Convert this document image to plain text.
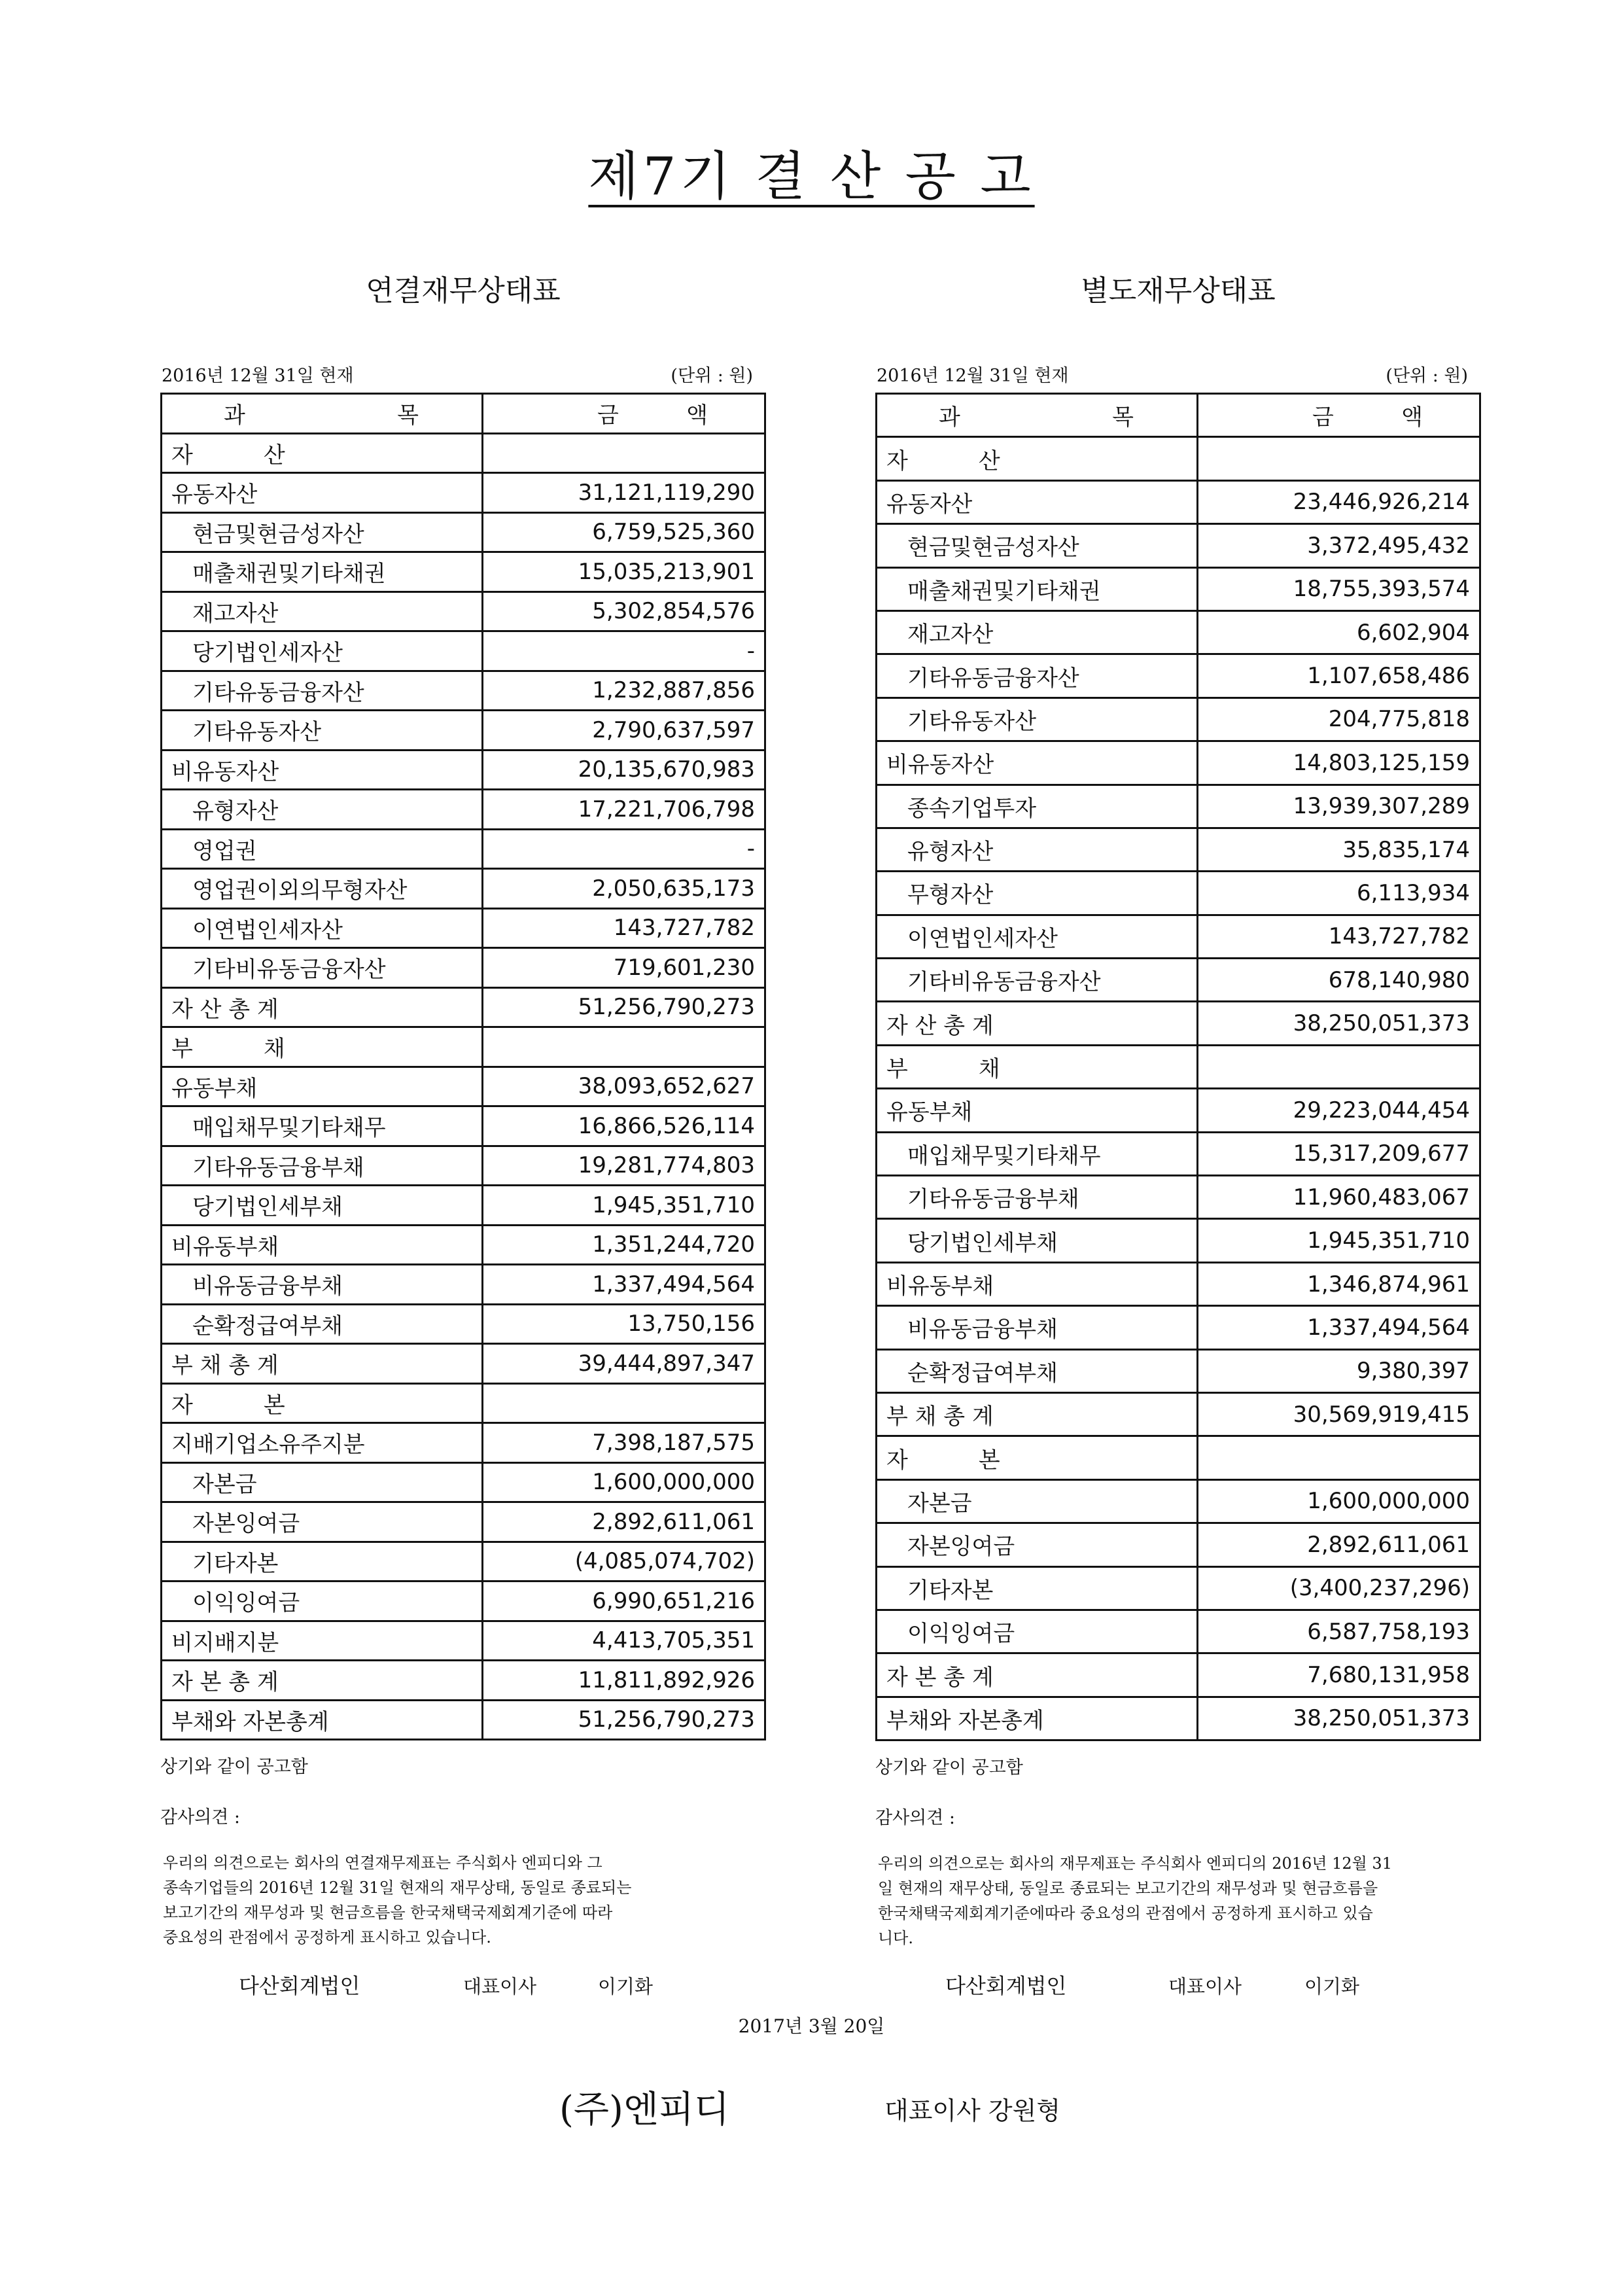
제7기 결 산 공 고
연결재무상태표
2016년 12월 31일 현재	(단위 : 원)
과 목	금 액

자          산	
유동자산	31,121,119,290
현금및현금성자산	6,759,525,360
매출채권및기타채권	15,035,213,901
재고자산	5,302,854,576
당기법인세자산	-
기타유동금융자산	1,232,887,856
기타유동자산	2,790,637,597
비유동자산	20,135,670,983
유형자산	17,221,706,798
영업권	-
영업권이외의무형자산	2,050,635,173
이연법인세자산	143,727,782
기타비유동금융자산	719,601,230
자 산 총 계	51,256,790,273
부          채	
유동부채	38,093,652,627
매입채무및기타채무	16,866,526,114
기타유동금융부채	19,281,774,803
당기법인세부채	1,945,351,710
비유동부채	1,351,244,720
비유동금융부채	1,337,494,564
순확정급여부채	13,750,156
부 채 총 계	39,444,897,347
자          본	
지배기업소유주지분	7,398,187,575
자본금	1,600,000,000
자본잉여금	2,892,611,061
기타자본	(4,085,074,702)
이익잉여금	6,990,651,216
비지배지분	4,413,705,351
자 본 총 계	11,811,892,926
부채와 자본총계	51,256,790,273
상기와 같이 공고함
감사의견 :
우리의 의견으로는 회사의 연결재무제표는 주식회사 엔피디와 그
종속기업들의 2016년 12월 31일 현재의 재무상태, 동일로 종료되는
보고기간의 재무성과 및 현금흐름을 한국채택국제회계기준에 따라
중요성의 관점에서 공정하게 표시하고 있습니다.
별도재무상태표
2016년 12월 31일 현재	(단위 : 원)
과 목	금 액

자          산	
유동자산	23,446,926,214
현금및현금성자산	3,372,495,432
매출채권및기타채권	18,755,393,574
재고자산	6,602,904
기타유동금융자산	1,107,658,486
기타유동자산	204,775,818
비유동자산	14,803,125,159
종속기업투자	13,939,307,289
유형자산	35,835,174
무형자산	6,113,934
이연법인세자산	143,727,782
기타비유동금융자산	678,140,980
자 산 총 계	38,250,051,373
부          채	
유동부채	29,223,044,454
매입채무및기타채무	15,317,209,677
기타유동금융부채	11,960,483,067
당기법인세부채	1,945,351,710
비유동부채	1,346,874,961
비유동금융부채	1,337,494,564
순확정급여부채	9,380,397
부 채 총 계	30,569,919,415
자          본	
자본금	1,600,000,000
자본잉여금	2,892,611,061
기타자본	(3,400,237,296)
이익잉여금	6,587,758,193
자 본 총 계	7,680,131,958
부채와 자본총계	38,250,051,373
상기와 같이 공고함
감사의견 :
우리의 의견으로는 회사의 재무제표는 주식회사 엔피디의 2016년 12월 31
일 현재의 재무상태, 동일로 종료되는 보고기간의 재무성과 및 현금흐름을
한국채택국제회계기준에따라 중요성의 관점에서 공정하게 표시하고 있습
니다.
다산회계법인	대표이사	이기화	다산회계법인	대표이사	이기화
2017년 3월 20일
(주)엔피디	대표이사 강원형
